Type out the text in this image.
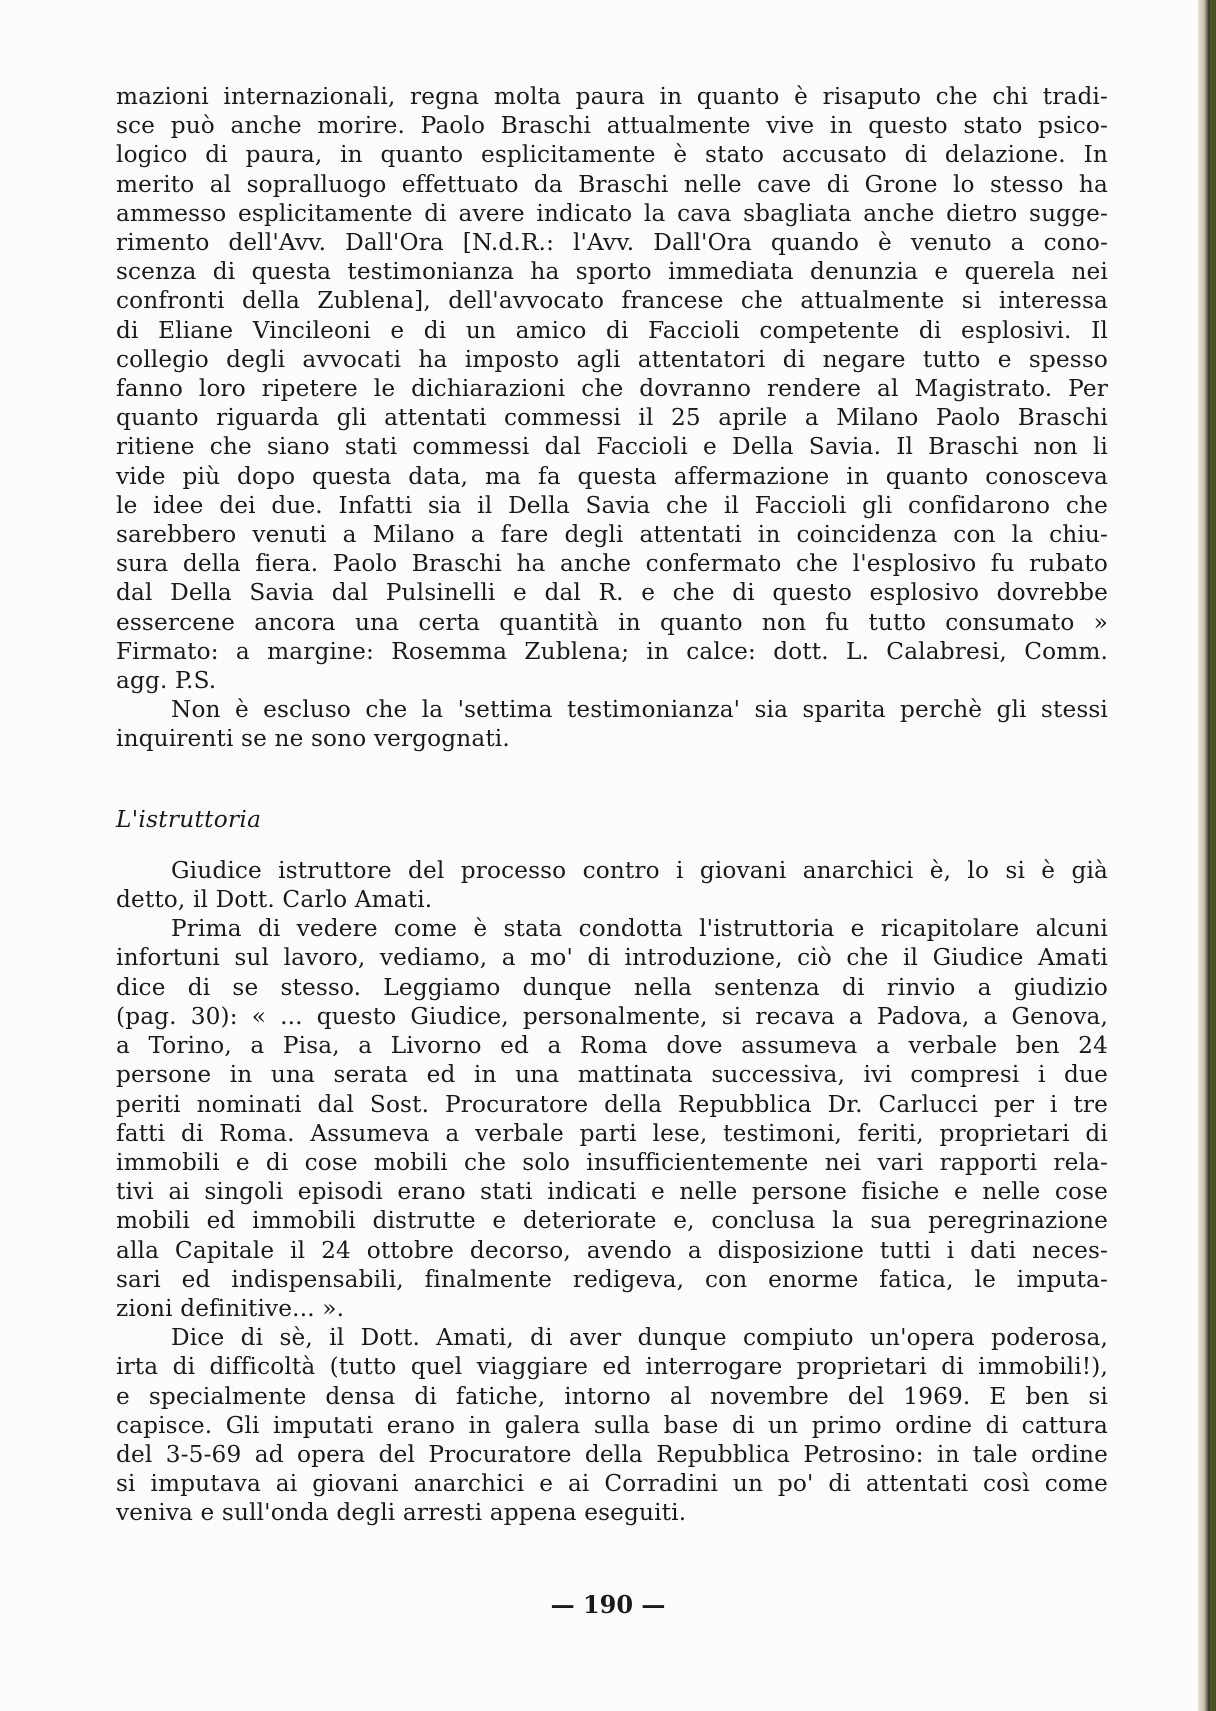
mazioni internazionali, regna molta paura in quanto è risaputo che chi tradi-
sce può anche morire. Paolo Braschi attualmente vive in questo stato psico-
logico di paura, in quanto esplicitamente è stato accusato di delazione. In
merito al sopralluogo effettuato da Braschi nelle cave di Grone lo stesso ha
ammesso esplicitamente di avere indicato la cava sbagliata anche dietro sugge-
rimento dell'Avv. Dall'Ora [N.d.R.: l'Avv. Dall'Ora quando è venuto a cono-
scenza di questa testimonianza ha sporto immediata denunzia e querela nei
confronti della Zublena], dell'avvocato francese che attualmente si interessa
di Eliane Vincileoni e di un amico di Faccioli competente di esplosivi. Il
collegio degli avvocati ha imposto agli attentatori di negare tutto e spesso
fanno loro ripetere le dichiarazioni che dovranno rendere al Magistrato. Per
quanto riguarda gli attentati commessi il 25 aprile a Milano Paolo Braschi
ritiene che siano stati commessi dal Faccioli e Della Savia. Il Braschi non li
vide più dopo questa data, ma fa questa affermazione in quanto conosceva
le idee dei due. Infatti sia il Della Savia che il Faccioli gli confidarono che
sarebbero venuti a Milano a fare degli attentati in coincidenza con la chiu-
sura della fiera. Paolo Braschi ha anche confermato che l'esplosivo fu rubato
dal Della Savia dal Pulsinelli e dal R. e che di questo esplosivo dovrebbe
essercene ancora una certa quantità in quanto non fu tutto consumato »
Firmato: a margine: Rosemma Zublena; in calce: dott. L. Calabresi, Comm.
agg. P.S.

Non è escluso che la 'settima testimonianza' sia sparita perchè gli stessi
inquirenti se ne sono vergognati.

L'istruttoria

Giudice istruttore del processo contro i giovani anarchici è, lo si è già
detto, il Dott. Carlo Amati.

Prima di vedere come è stata condotta l'istruttoria e ricapitolare alcuni
infortuni sul lavoro, vediamo, a mo' di introduzione, ciò che il Giudice Amati
dice di se stesso. Leggiamo dunque nella sentenza di rinvio a giudizio
(pag. 30): « ... questo Giudice, personalmente, si recava a Padova, a Genova,
a Torino, a Pisa, a Livorno ed a Roma dove assumeva a verbale ben 24
persone in una serata ed in una mattinata successiva, ivi compresi i due
periti nominati dal Sost. Procuratore della Repubblica Dr. Carlucci per i tre
fatti di Roma. Assumeva a verbale parti lese, testimoni, feriti, proprietari di
immobili e di cose mobili che solo insufficientemente nei vari rapporti rela-
tivi ai singoli episodi erano stati indicati e nelle persone fisiche e nelle cose
mobili ed immobili distrutte e deteriorate e, conclusa la sua peregrinazione
alla Capitale il 24 ottobre decorso, avendo a disposizione tutti i dati neces-
sari ed indispensabili, finalmente redigeva, con enorme fatica, le imputa-
zioni definitive... ».

Dice di sè, il Dott. Amati, di aver dunque compiuto un'opera poderosa,
irta di difficoltà (tutto quel viaggiare ed interrogare proprietari di immobili!),
e specialmente densa di fatiche, intorno al novembre del 1969. E ben si
capisce. Gli imputati erano in galera sulla base di un primo ordine di cattura
del 3-5-69 ad opera del Procuratore della Repubblica Petrosino: in tale ordine
si imputava ai giovani anarchici e ai Corradini un po' di attentati così come
veniva e sull'onda degli arresti appena eseguiti.

— 190 —
